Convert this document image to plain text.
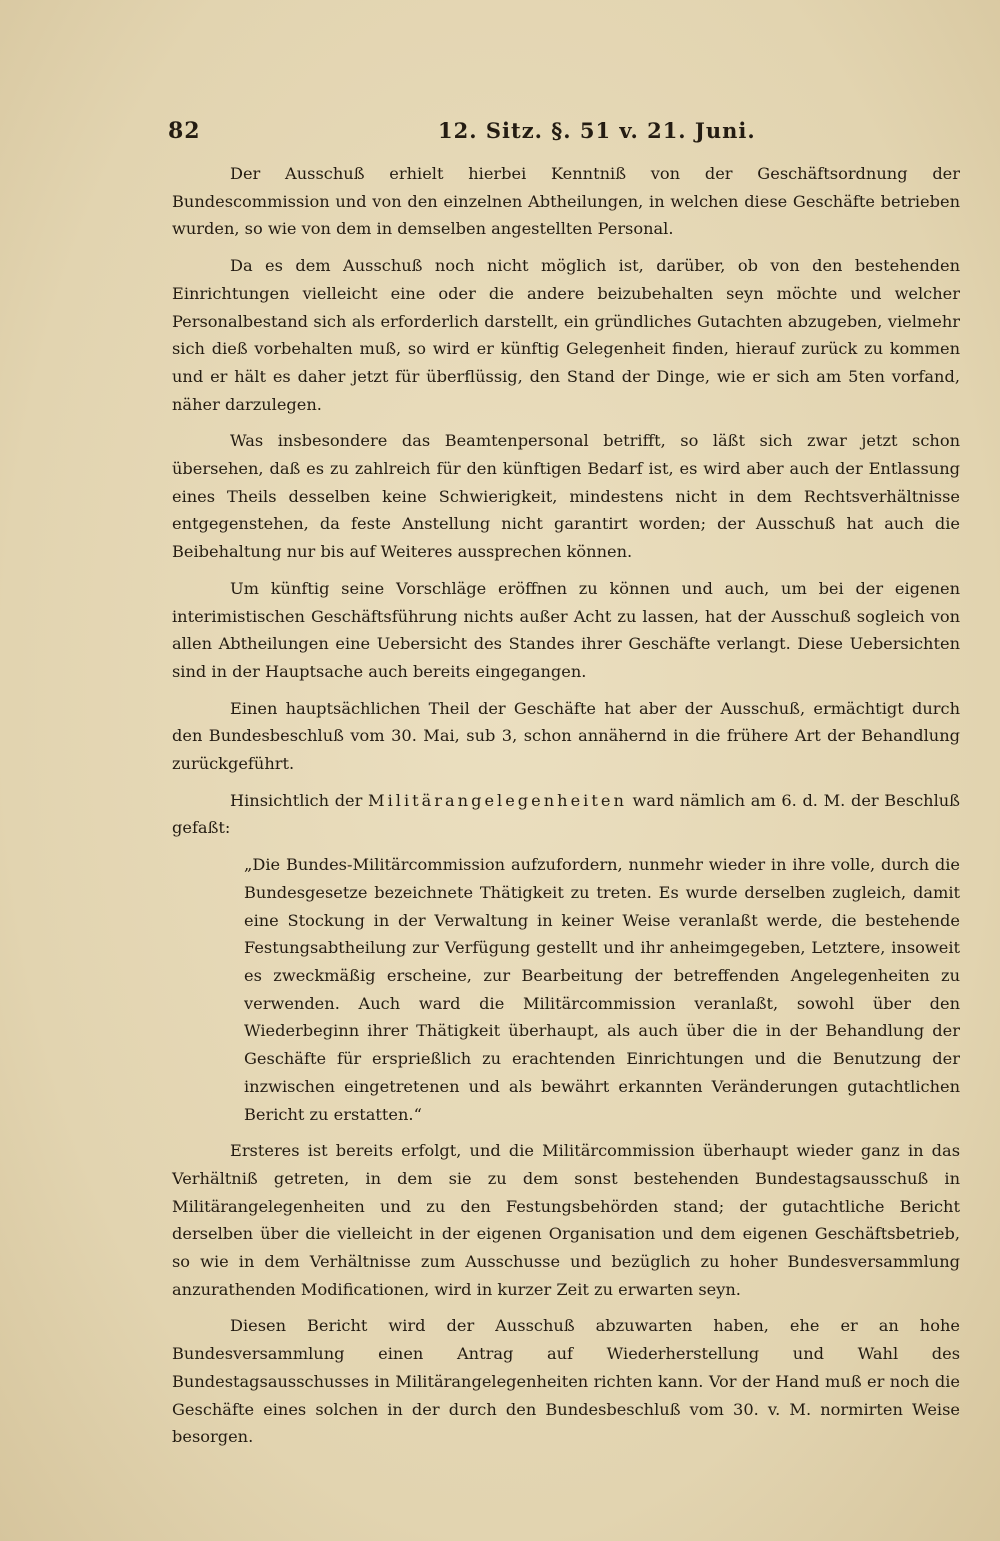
82	12. Sitz. §. 51 v. 21. Juni.

Der Ausschuß erhielt hierbei Kenntniß von der Geschäftsordnung der Bundescommission und von den einzelnen Abtheilungen, in welchen diese Geschäfte betrieben wurden, so wie von dem in demselben angestellten Personal.

Da es dem Ausschuß noch nicht möglich ist, darüber, ob von den bestehenden Einrichtungen vielleicht eine oder die andere beizubehalten seyn möchte und welcher Personalbestand sich als erforderlich darstellt, ein gründliches Gutachten abzugeben, vielmehr sich dieß vorbehalten muß, so wird er künftig Gelegenheit finden, hierauf zurück zu kommen und er hält es daher jetzt für überflüssig, den Stand der Dinge, wie er sich am 5ten vorfand, näher darzulegen.

Was insbesondere das Beamtenpersonal betrifft, so läßt sich zwar jetzt schon übersehen, daß es zu zahlreich für den künftigen Bedarf ist, es wird aber auch der Entlassung eines Theils desselben keine Schwierigkeit, mindestens nicht in dem Rechtsverhältnisse entgegenstehen, da feste Anstellung nicht garantirt worden; der Ausschuß hat auch die Beibehaltung nur bis auf Weiteres aussprechen können.

Um künftig seine Vorschläge eröffnen zu können und auch, um bei der eigenen interimistischen Geschäftsführung nichts außer Acht zu lassen, hat der Ausschuß sogleich von allen Abtheilungen eine Uebersicht des Standes ihrer Geschäfte verlangt. Diese Uebersichten sind in der Hauptsache auch bereits eingegangen.

Einen hauptsächlichen Theil der Geschäfte hat aber der Ausschuß, ermächtigt durch den Bundesbeschluß vom 30. Mai, sub 3, schon annähernd in die frühere Art der Behandlung zurückgeführt.

Hinsichtlich der Militärangelegenheiten ward nämlich am 6. d. M. der Beschluß gefaßt:

„Die Bundes-Militärcommission aufzufordern, nunmehr wieder in ihre volle, durch die Bundesgesetze bezeichnete Thätigkeit zu treten. Es wurde derselben zugleich, damit eine Stockung in der Verwaltung in keiner Weise veranlaßt werde, die bestehende Festungsabtheilung zur Verfügung gestellt und ihr anheimgegeben, Letztere, insoweit es zweckmäßig erscheine, zur Bearbeitung der betreffenden Angelegenheiten zu verwenden. Auch ward die Militärcommission veranlaßt, sowohl über den Wiederbeginn ihrer Thätigkeit überhaupt, als auch über die in der Behandlung der Geschäfte für ersprießlich zu erachtenden Einrichtungen und die Benutzung der inzwischen eingetretenen und als bewährt erkannten Veränderungen gutachtlichen Bericht zu erstatten.“

Ersteres ist bereits erfolgt, und die Militärcommission überhaupt wieder ganz in das Verhältniß getreten, in dem sie zu dem sonst bestehenden Bundestagsausschuß in Militärangelegenheiten und zu den Festungsbehörden stand; der gutachtliche Bericht derselben über die vielleicht in der eigenen Organisation und dem eigenen Geschäftsbetrieb, so wie in dem Verhältnisse zum Ausschusse und bezüglich zu hoher Bundesversammlung anzurathenden Modificationen, wird in kurzer Zeit zu erwarten seyn.

Diesen Bericht wird der Ausschuß abzuwarten haben, ehe er an hohe Bundesversammlung einen Antrag auf Wiederherstellung und Wahl des Bundestagsausschusses in Militärangelegenheiten richten kann. Vor der Hand muß er noch die Geschäfte eines solchen in der durch den Bundesbeschluß vom 30. v. M. normirten Weise besorgen.
